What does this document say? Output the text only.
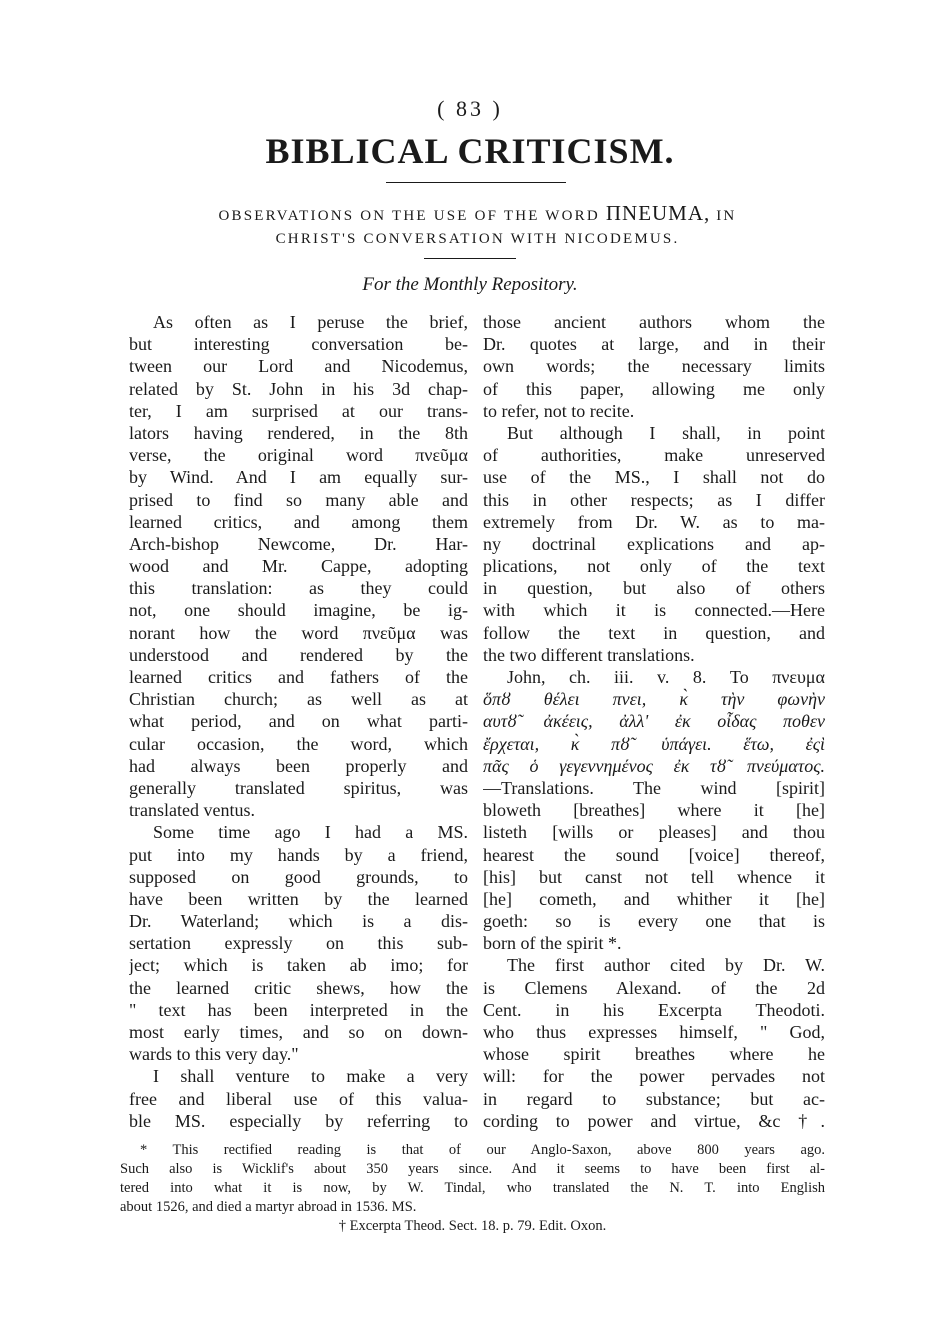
( 83 )
BIBLICAL CRITICISM.
OBSERVATIONS ON THE USE OF THE WORD ΠNEUMA, IN
CHRIST'S CONVERSATION WITH NICODEMUS.
For the Monthly Repository.
As often as I peruse the brief,
but interesting conversation be-
tween our Lord and Nicodemus,
related by St. John in his 3d chap-
ter, I am surprised at our trans-
lators having rendered, in the 8th
verse, the original word πνεῦμα
by Wind. And I am equally sur-
prised to find so many able and
learned critics, and among them
Arch-bishop Newcome, Dr. Har-
wood and Mr. Cappe, adopting
this translation: as they could
not, one should imagine, be ig-
norant how the word πνεῦμα was
understood and rendered by the
learned critics and fathers of the
Christian church; as well as at
what period, and on what parti-
cular occasion, the word, which
had always been properly and
generally translated spiritus, was
translated ventus.
Some time ago I had a MS.
put into my hands by a friend,
supposed on good grounds, to
have been written by the learned
Dr. Waterland; which is a dis-
sertation expressly on this sub-
ject; which is taken ab imo; for
the learned critic shews, how the
" text has been interpreted in the
most early times, and so on down-
wards to this very day."
I shall venture to make a very
free and liberal use of this valua-
ble MS. especially by referring to
those ancient authors whom the
Dr. quotes at large, and in their
own words; the necessary limits
of this paper, allowing me only
to refer, not to recite.
But although I shall, in point
of authorities, make unreserved
use of the MS., I shall not do
this in other respects; as I differ
extremely from Dr. W. as to ma-
ny doctrinal explications and ap-
plications, not only of the text
in question, but also of others
with which it is connected.—Here
follow the text in question, and
the two different translations.
John, ch. iii. v. 8. Το πνευμα
ὅπȣ θέλει πνει, κ̀ τὴν φωνὴν
αυτȣ̃ ἀκέεις, ἀλλ' ἐκ οἶδας ποθεν
ἔρχεται, κ̀ πȣ̃ ὑπάγει. ἕτω, ἐςὶ
πᾶς ὁ γεγεννημένος ἐκ τȣ̃ πνεύματος.
—Translations. The wind [spirit]
bloweth [breathes] where it [he]
listeth [wills or pleases] and thou
hearest the sound [voice] thereof,
[his] but canst not tell whence it
[he] cometh, and whither it [he]
goeth: so is every one that is
born of the spirit *.
The first author cited by Dr. W.
is Clemens Alexand. of the 2d
Cent. in his Excerpta Theodoti.
who thus expresses himself, " God,
whose spirit breathes where he
will: for the power pervades not
in regard to substance; but ac-
cording to power and virtue, &c †.
* This rectified reading is that of our Anglo-Saxon, above 800 years ago.
Such also is Wicklif's about 350 years since. And it seems to have been first al-
tered into what it is now, by W. Tindal, who translated the N. T. into English
about 1526, and died a martyr abroad in 1536. MS.
† Excerpta Theod. Sect. 18. p. 79. Edit. Oxon.
